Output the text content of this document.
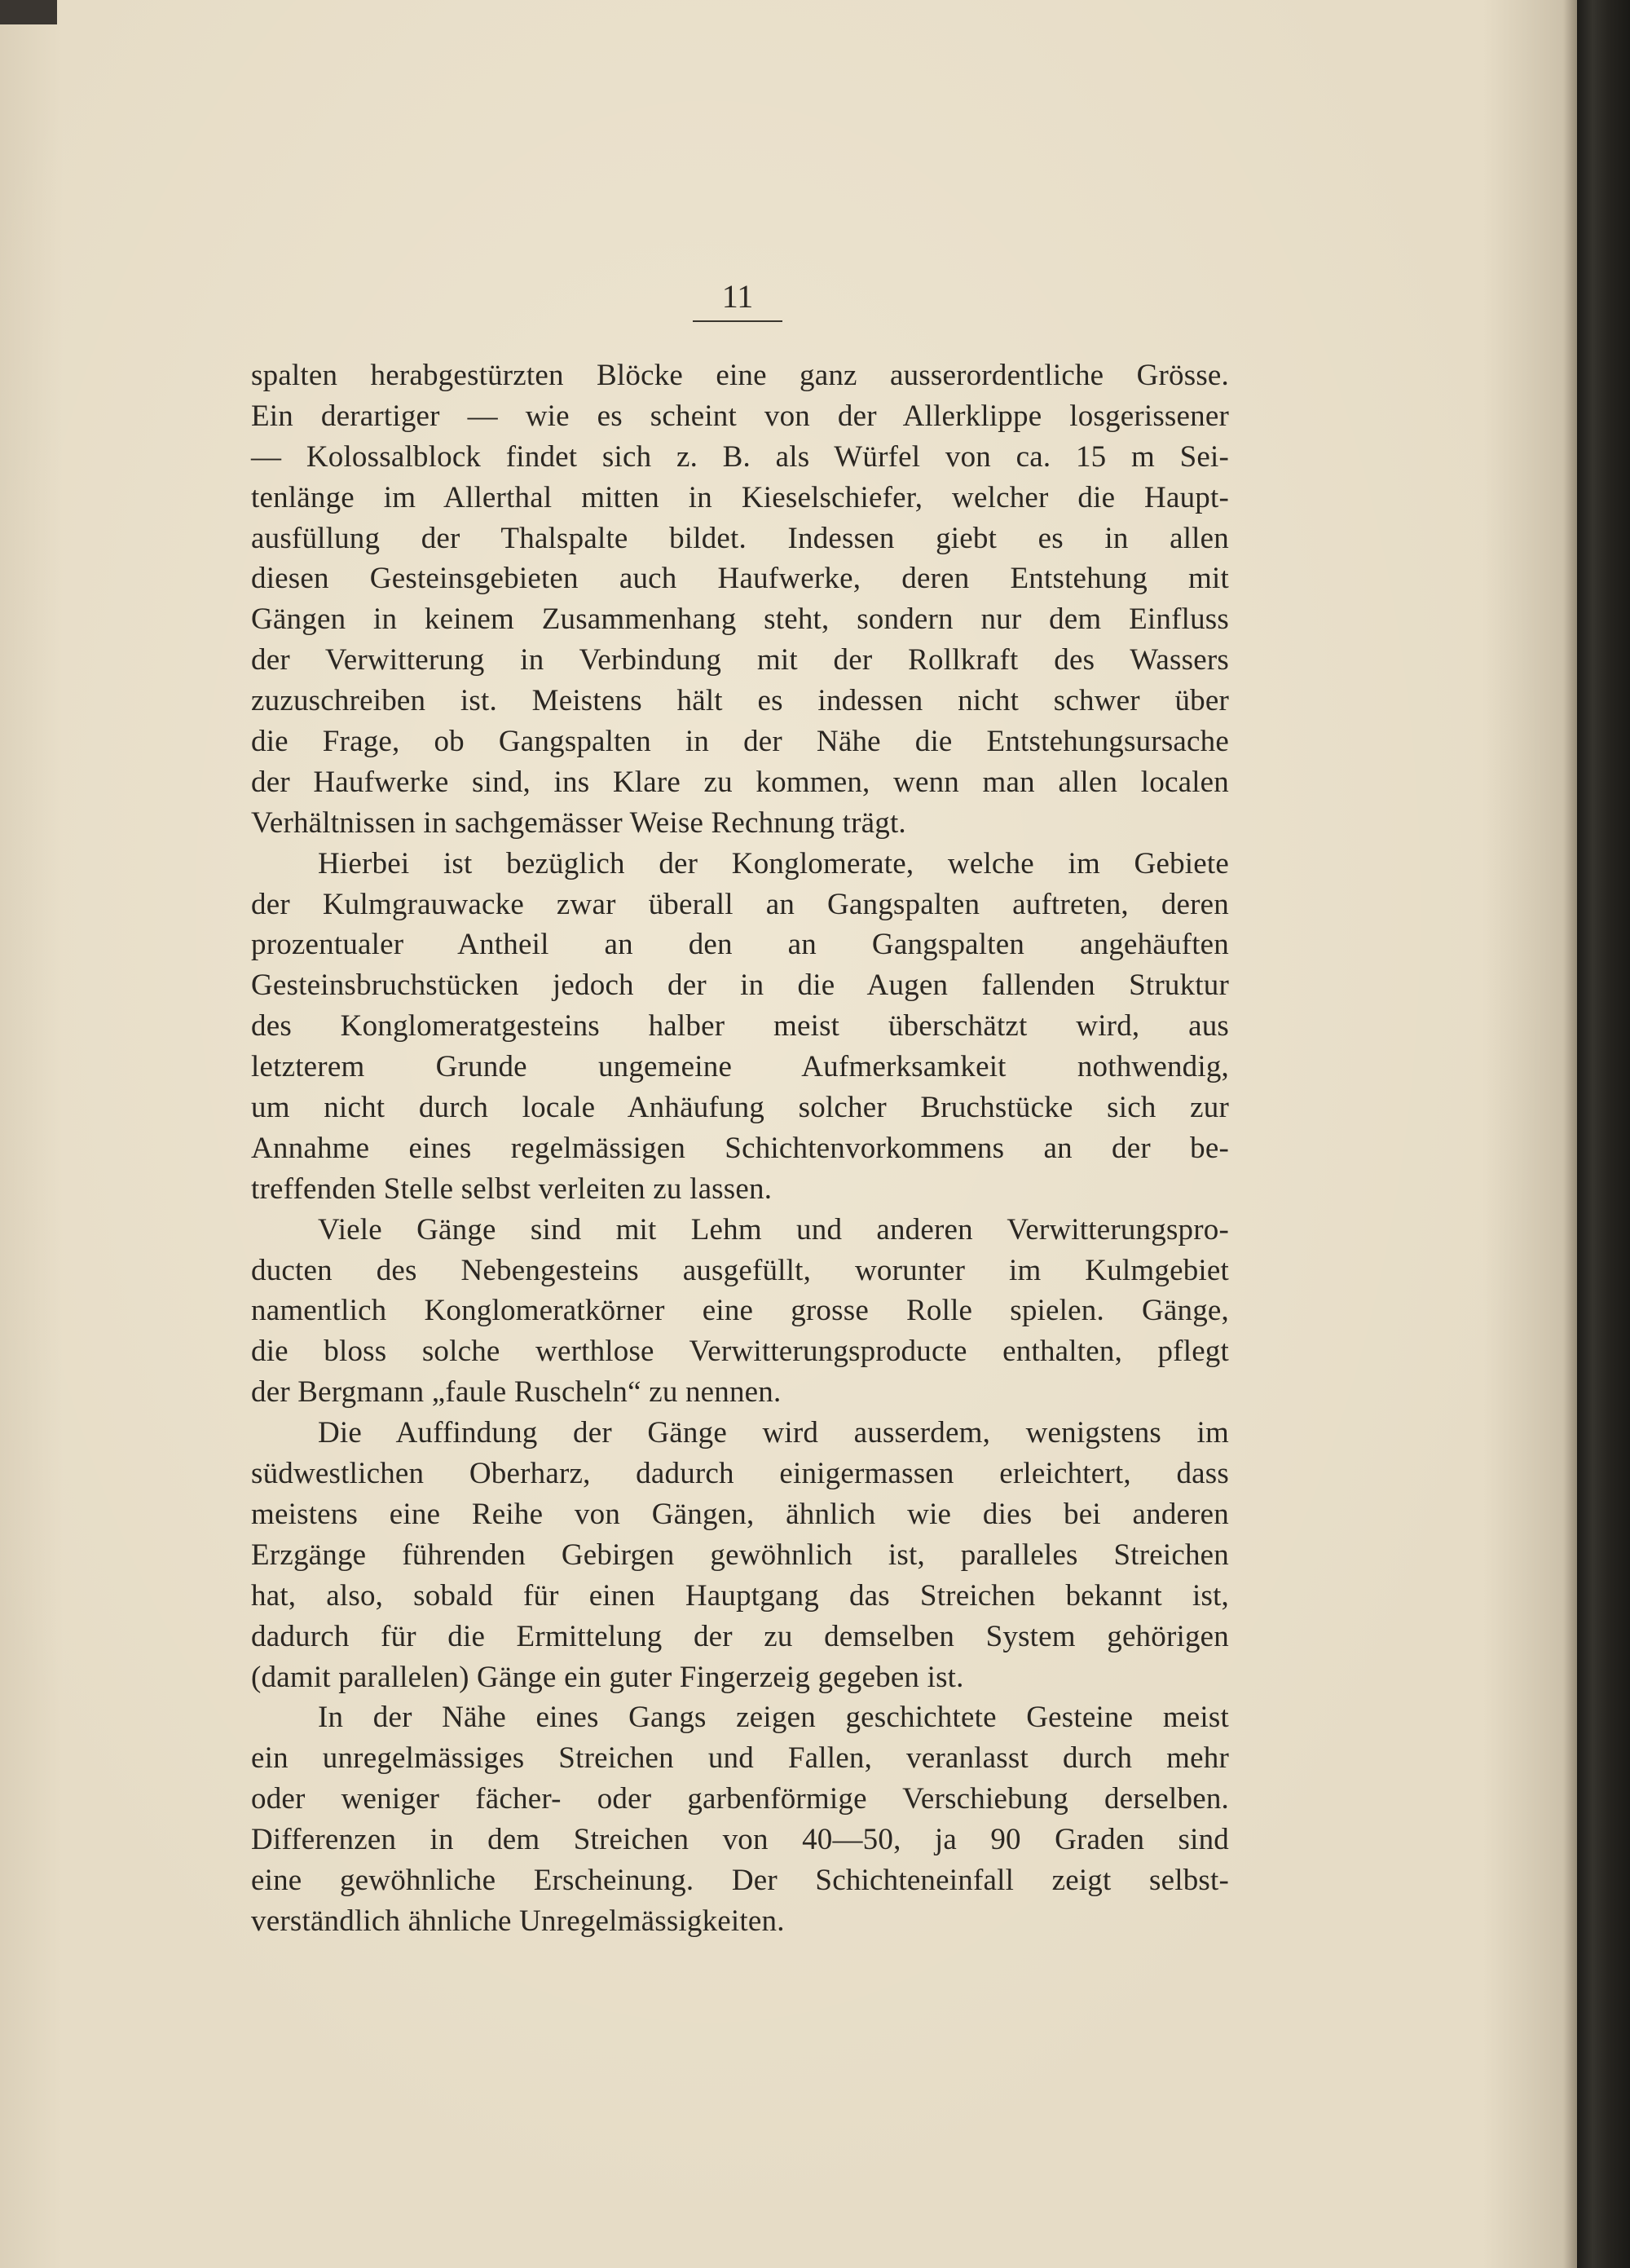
11
spalten herabgestürzten Blöcke eine ganz ausserordentliche Grösse.
Ein derartiger — wie es scheint von der Allerklippe losgerissener
— Kolossalblock findet sich z. B. als Würfel von ca. 15 m Sei-
tenlänge im Allerthal mitten in Kieselschiefer, welcher die Haupt-
ausfüllung der Thalspalte bildet. Indessen giebt es in allen
diesen Gesteinsgebieten auch Haufwerke, deren Entstehung mit
Gängen in keinem Zusammenhang steht, sondern nur dem Einfluss
der Verwitterung in Verbindung mit der Rollkraft des Wassers
zuzuschreiben ist. Meistens hält es indessen nicht schwer über
die Frage, ob Gangspalten in der Nähe die Entstehungsursache
der Haufwerke sind, ins Klare zu kommen, wenn man allen localen
Verhältnissen in sachgemässer Weise Rechnung trägt.
Hierbei ist bezüglich der Konglomerate, welche im Gebiete
der Kulmgrauwacke zwar überall an Gangspalten auftreten, deren
prozentualer Antheil an den an Gangspalten angehäuften
Gesteinsbruchstücken jedoch der in die Augen fallenden Struktur
des Konglomeratgesteins halber meist überschätzt wird, aus
letzterem Grunde ungemeine Aufmerksamkeit nothwendig,
um nicht durch locale Anhäufung solcher Bruchstücke sich zur
Annahme eines regelmässigen Schichtenvorkommens an der be-
treffenden Stelle selbst verleiten zu lassen.
Viele Gänge sind mit Lehm und anderen Verwitterungspro-
ducten des Nebengesteins ausgefüllt, worunter im Kulmgebiet
namentlich Konglomeratkörner eine grosse Rolle spielen. Gänge,
die bloss solche werthlose Verwitterungsproducte enthalten, pflegt
der Bergmann „faule Ruscheln“ zu nennen.
Die Auffindung der Gänge wird ausserdem, wenigstens im
südwestlichen Oberharz, dadurch einigermassen erleichtert, dass
meistens eine Reihe von Gängen, ähnlich wie dies bei anderen
Erzgänge führenden Gebirgen gewöhnlich ist, paralleles Streichen
hat, also, sobald für einen Hauptgang das Streichen bekannt ist,
dadurch für die Ermittelung der zu demselben System gehörigen
(damit parallelen) Gänge ein guter Fingerzeig gegeben ist.
In der Nähe eines Gangs zeigen geschichtete Gesteine meist
ein unregelmässiges Streichen und Fallen, veranlasst durch mehr
oder weniger fächer- oder garbenförmige Verschiebung derselben.
Differenzen in dem Streichen von 40—50, ja 90 Graden sind
eine gewöhnliche Erscheinung. Der Schichteneinfall zeigt selbst-
verständlich ähnliche Unregelmässigkeiten.
